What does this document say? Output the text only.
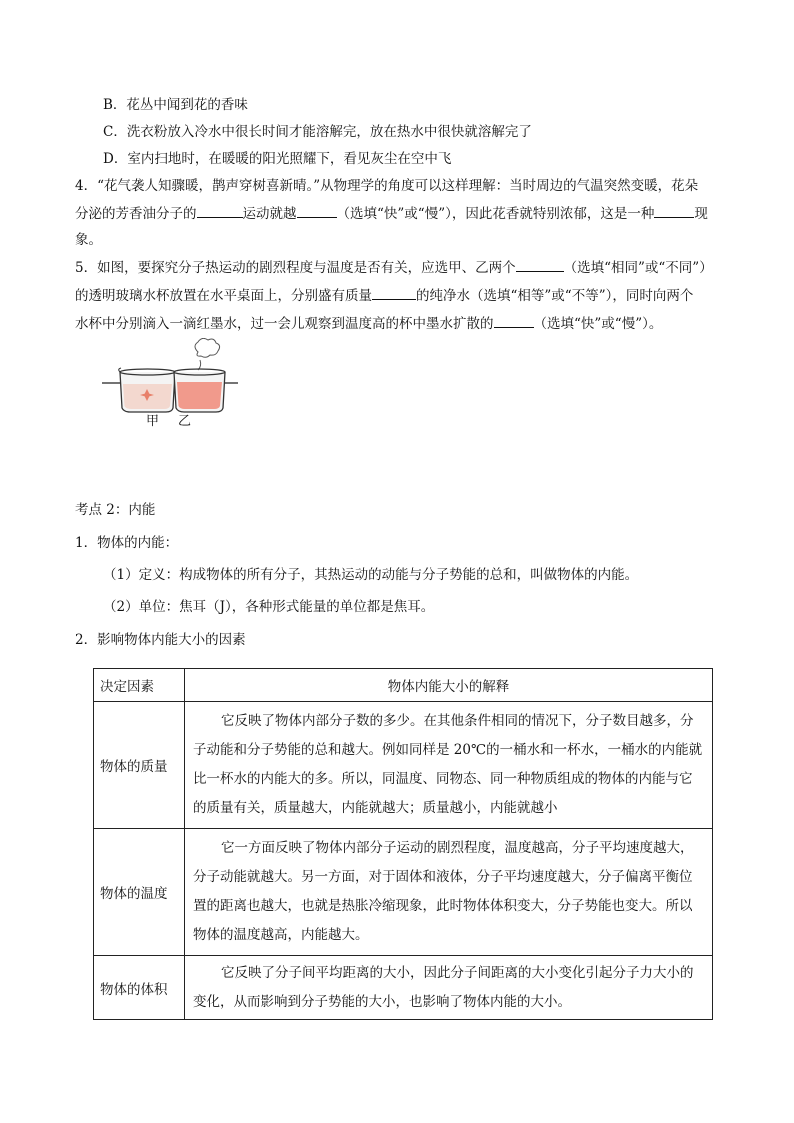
B．花丛中闻到花的香味
C．洗衣粉放入冷水中很长时间才能溶解完，放在热水中很快就溶解完了
D．室内扫地时，在暖暖的阳光照耀下，看见灰尘在空中飞
4．“花气袭人知骤暖，鹊声穿树喜新晴。”从物理学的角度可以这样理解：当时周边的气温突然变暖，花朵
分泌的芳香油分子的	运动就越	（选填“快”或“慢”），因此花香就特别浓郁，这是一种	现
象。
5．如图，要探究分子热运动的剧烈程度与温度是否有关，应选甲、乙两个	（选填“相同”或“不同”）
的透明玻璃水杯放置在水平桌面上，分别盛有质量	的纯净水（选填“相等”或“不等”），同时向两个
水杯中分别滴入一滴红墨水，过一会儿观察到温度高的杯中墨水扩散的	（选填“快”或“慢”）。
甲 乙
考点 2：内能
1．物体的内能：
（1）定义：构成物体的所有分子，其热运动的动能与分子势能的总和，叫做物体的内能。
（2）单位：焦耳（J），各种形式能量的单位都是焦耳。
2．影响物体内能大小的因素
决定因素	物体内能大小的解释
物体的质量	它反映了物体内部分子数的多少。在其他条件相同的情况下，分子数目越多，分子动能和分子势能的总和越大。例如同样是 20℃的一桶水和一杯水，一桶水的内能就比一杯水的内能大的多。所以，同温度、同物态、同一种物质组成的物体的内能与它的质量有关，质量越大，内能就越大；质量越小，内能就越小
物体的温度	它一方面反映了物体内部分子运动的剧烈程度，温度越高，分子平均速度越大，分子动能就越大。另一方面，对于固体和液体，分子平均速度越大，分子偏离平衡位置的距离也越大，也就是热胀冷缩现象，此时物体体积变大，分子势能也变大。所以物体的温度越高，内能越大。
物体的体积	它反映了分子间平均距离的大小，因此分子间距离的大小变化引起分子力大小的变化，从而影响到分子势能的大小，也影响了物体内能的大小。
